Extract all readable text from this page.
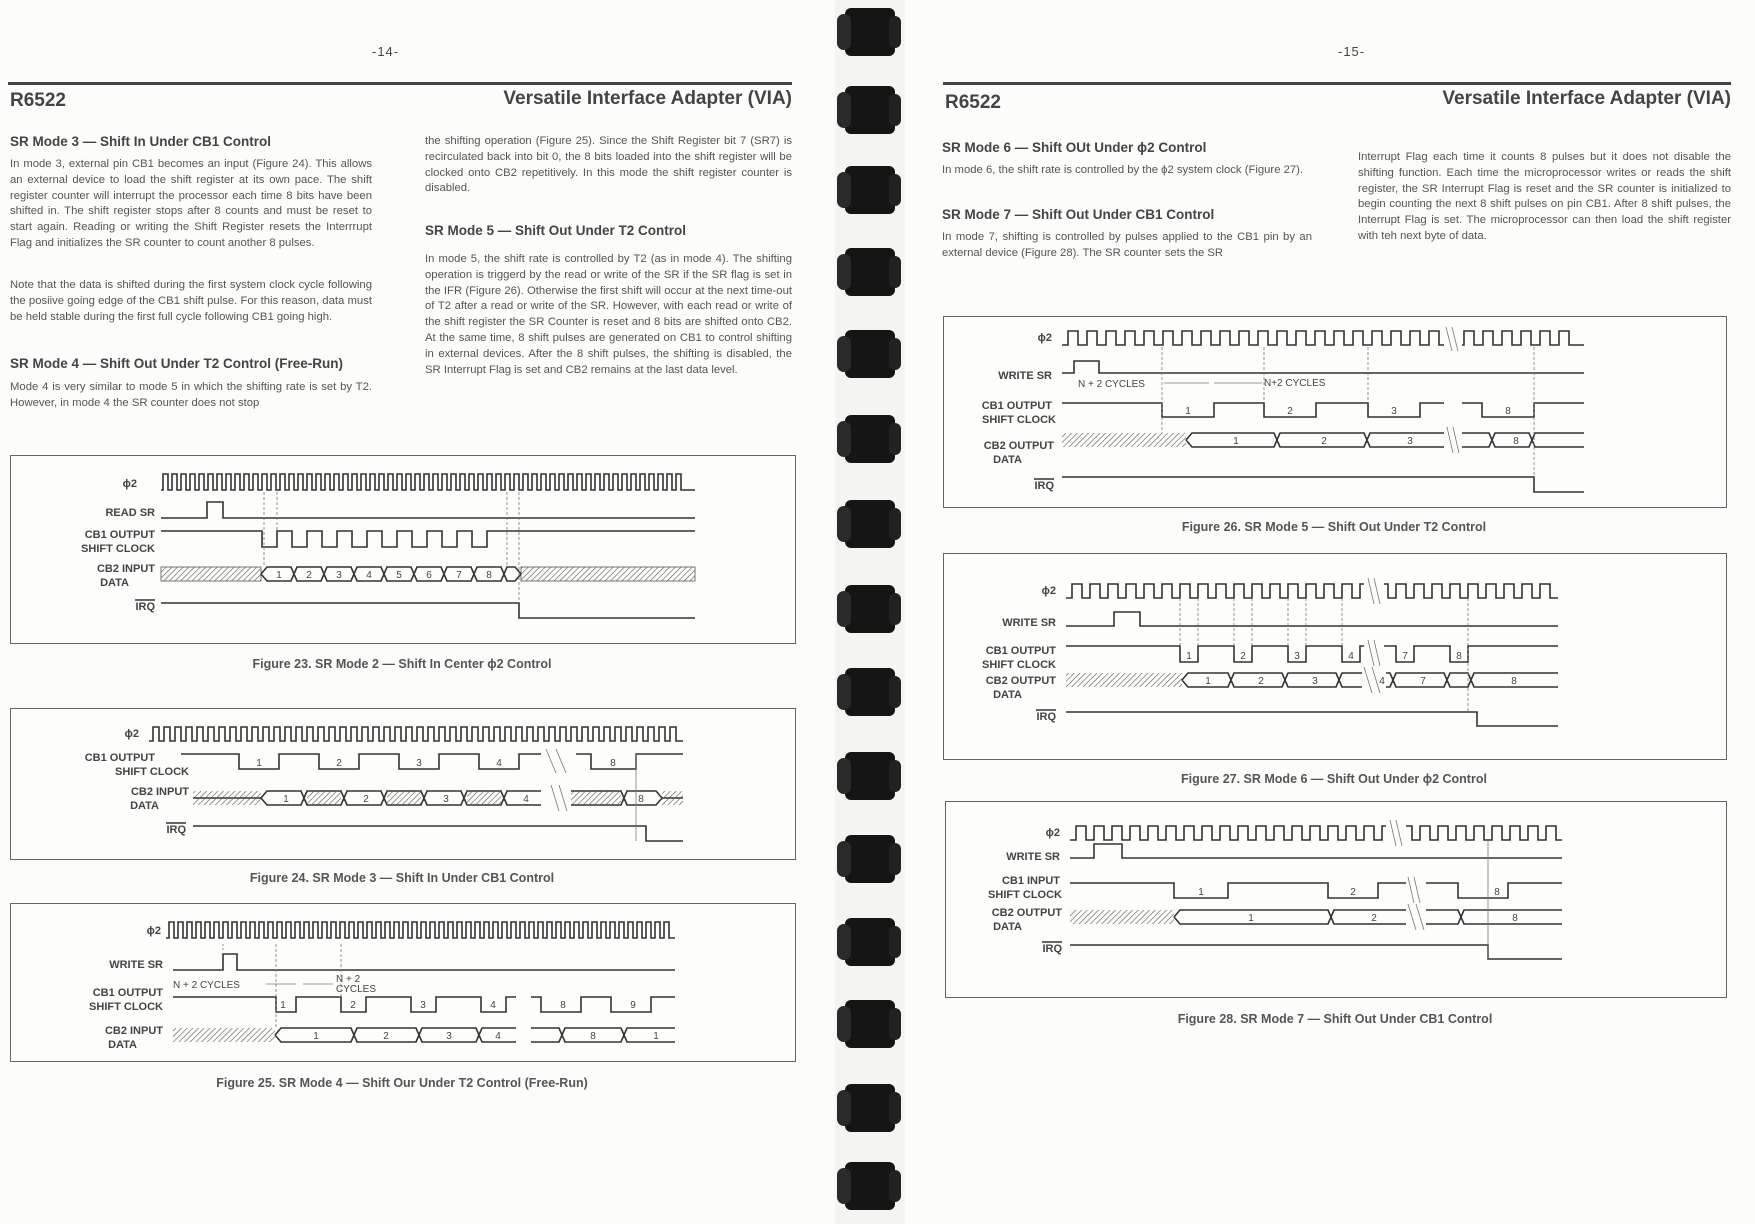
-14-
R6522	Versatile Interface Adapter (VIA)
SR Mode 3 — Shift In Under CB1 Control
In mode 3, external pin CB1 becomes an input (Figure 24). This allows an external device to load the shift register at its own pace. The shift register counter will interrupt the processor each time 8 bits have been shifted in. The shift register stops after 8 counts and must be reset to start again. Reading or writing the Shift Register resets the Interrrupt Flag and initializes the SR counter to count another 8 pulses.
Note that the data is shifted during the first system clock cycle following the posiive going edge of the CB1 shift pulse. For this reason, data must be held stable during the first full cycle following CB1 going high.
SR Mode 4 — Shift Out Under T2 Control (Free-Run)
Mode 4 is very similar to mode 5 in which the shifting rate is set by T2. However, in mode 4 the SR counter does not stop
the shifting operation (Figure 25). Since the Shift Register bit 7 (SR7) is recirculated back into bit 0, the 8 bits loaded into the shift register will be clocked onto CB2 repetitively. In this mode the shift register counter is disabled.
SR Mode 5 — Shift Out Under T2 Control
In mode 5, the shift rate is controlled by T2 (as in mode 4). The shifting operation is triggerd by the read or write of the SR if the SR flag is set in the IFR (Figure 26). Otherwise the first shift will occur at the next time-out of T2 after a read or write of the SR. However, with each read or write of the shift register the SR Counter is reset and 8 bits are shifted onto CB2. At the same time, 8 shift pulses are generated on CB1 to control shifting in external devices. After the 8 shift pulses, the shifting is disabled, the SR Interrupt Flag is set and CB2 remains at the last data level.
ϕ2
READ SR
CB1 OUTPUT
SHIFT CLOCK
CB2 INPUT
DATA
IRQ
1 2 3 4 5 6 7 8
Figure 23. SR Mode 2 — Shift In Center ϕ2 Control
ϕ2
CB1 OUTPUT
SHIFT CLOCK
CB2 INPUT
DATA
IRQ
1	2	3	4	8
1	2	3	4	8
Figure 24. SR Mode 3 — Shift In Under CB1 Control
ϕ2
WRITE SR
CB1 OUTPUT
SHIFT CLOCK
CB2 INPUT
DATA
N + 2 CYCLES
N + 2
CYCLES
1	2	3	4	8	9
1	2	3	4	8	1
Figure 25. SR Mode 4 — Shift Our Under T2 Control (Free-Run)
-15-
R6522	Versatile Interface Adapter (VIA)
SR Mode 6 — Shift OUt Under ϕ2 Control
In mode 6, the shift rate is controlled by the ϕ2 system clock (Figure 27).
SR Mode 7 — Shift Out Under CB1 Control
In mode 7, shifting is controlled by pulses applied to the CB1 pin by an external device (Figure 28). The SR counter sets the SR
Interrupt Flag each time it counts 8 pulses but it does not disable the shifting function. Each time the microprocessor writes or reads the shift register, the SR Interrupt Flag is reset and the SR counter is initialized to begin counting the next 8 shift pulses on pin CB1. After 8 shift pulses, the Interrupt Flag is set. The microprocessor can then load the shift register with teh next byte of data.
ϕ2
WRITE SR
CB1 OUTPUT
SHIFT CLOCK
CB2 OUTPUT
DATA
IRQ
N + 2 CYCLES	N+2 CYCLES
1	2	3	8
1	2	3	8
Figure 26. SR Mode 5 — Shift Out Under T2 Control
ϕ2
WRITE SR
CB1 OUTPUT
SHIFT CLOCK
CB2 OUTPUT
DATA
IRQ
1	2	3	4	7	8
1	2	3	4	7	8
Figure 27. SR Mode 6 — Shift Out Under ϕ2 Control
ϕ2
WRITE SR
CB1 INPUT
SHIFT CLOCK
CB2 OUTPUT
DATA
IRQ
1	2	8
1	2	8
Figure 28. SR Mode 7 — Shift Out Under CB1 Control
